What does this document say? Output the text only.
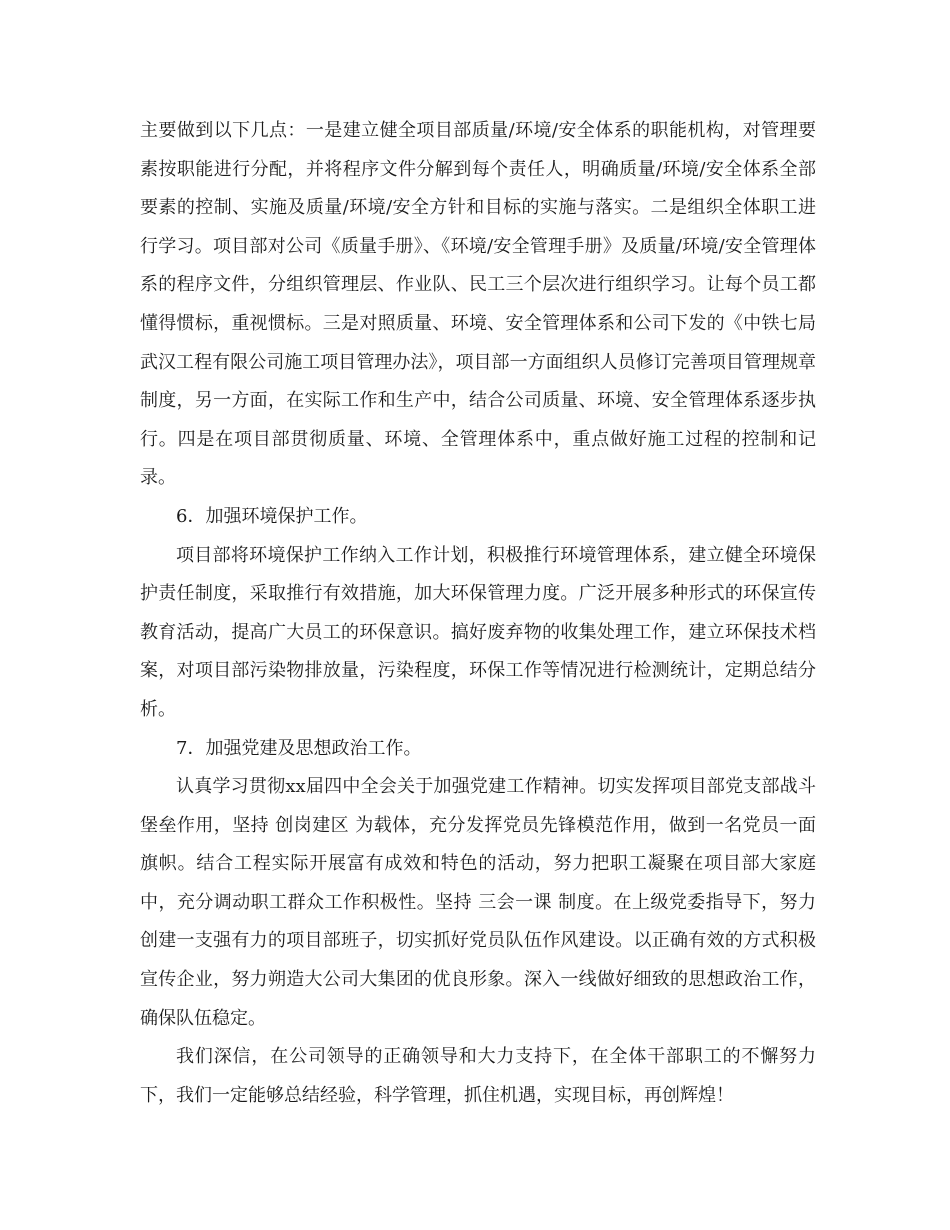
主要做到以下几点：一是建立健全项目部质量/环境/安全体系的职能机构，对管理要素按职能进行分配，并将程序文件分解到每个责任人，明确质量/环境/安全体系全部要素的控制、实施及质量/环境/安全方针和目标的实施与落实。二是组织全体职工进行学习。项目部对公司《质量手册》、《环境/安全管理手册》及质量/环境/安全管理体系的程序文件，分组织管理层、作业队、民工三个层次进行组织学习。让每个员工都懂得惯标，重视惯标。三是对照质量、环境、安全管理体系和公司下发的《中铁七局武汉工程有限公司施工项目管理办法》，项目部一方面组织人员修订完善项目管理规章制度，另一方面，在实际工作和生产中，结合公司质量、环境、安全管理体系逐步执行。四是在项目部贯彻质量、环境、全管理体系中，重点做好施工过程的控制和记录。

6．加强环境保护工作。

项目部将环境保护工作纳入工作计划，积极推行环境管理体系，建立健全环境保护责任制度，采取推行有效措施，加大环保管理力度。广泛开展多种形式的环保宣传教育活动，提高广大员工的环保意识。搞好废弃物的收集处理工作，建立环保技术档案，对项目部污染物排放量，污染程度，环保工作等情况进行检测统计，定期总结分析。

7．加强党建及思想政治工作。

认真学习贯彻xx届四中全会关于加强党建工作精神。切实发挥项目部党支部战斗堡垒作用，坚持 创岗建区 为载体，充分发挥党员先锋模范作用，做到一名党员一面旗帜。结合工程实际开展富有成效和特色的活动，努力把职工凝聚在项目部大家庭中，充分调动职工群众工作积极性。坚持 三会一课 制度。在上级党委指导下，努力创建一支强有力的项目部班子，切实抓好党员队伍作风建设。以正确有效的方式积极宣传企业，努力朔造大公司大集团的优良形象。深入一线做好细致的思想政治工作，确保队伍稳定。

我们深信，在公司领导的正确领导和大力支持下，在全体干部职工的不懈努力下，我们一定能够总结经验，科学管理，抓住机遇，实现目标，再创辉煌！
